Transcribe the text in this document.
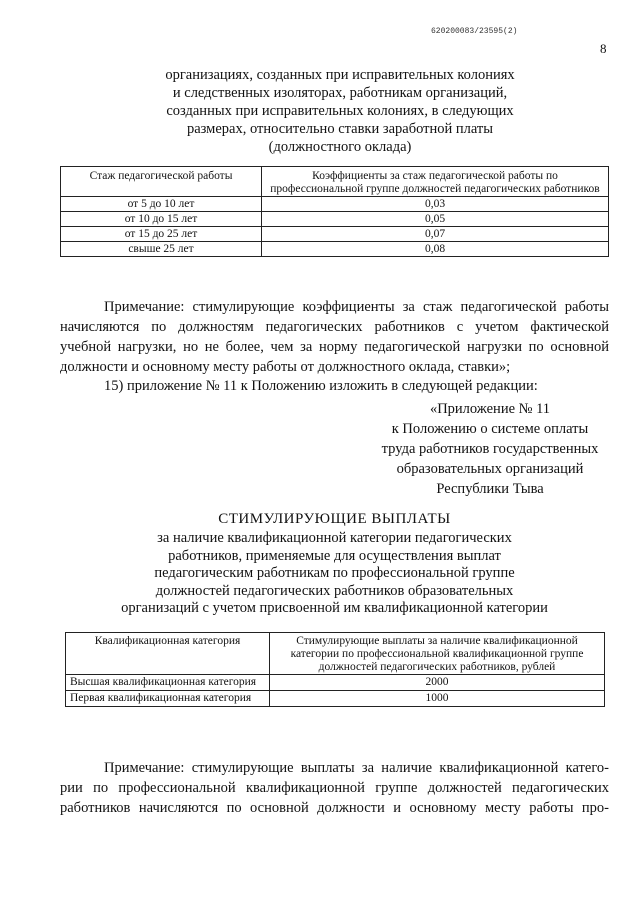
620200083/23595(2)
8
организациях, созданных при исправительных колониях
и следственных изоляторах, работникам организаций,
созданных при исправительных колониях, в следующих
размерах, относительно ставки заработной платы
(должностного оклада)
Стаж педагогической работы	Коэффициенты за стаж педагогической работы по профессиональной группе должностей педагогических работников
от 5 до 10 лет	0,03
от 10 до 15 лет	0,05
от 15 до 25 лет	0,07
свыше 25 лет	0,08
Примечание: стимулирующие коэффициенты за стаж педагогической работы
начисляются по должностям педагогических работников с учетом фактической
учебной нагрузки, но не более, чем за норму педагогической нагрузки по основной
должности и основному месту работы от должностного оклада, ставки»;
15) приложение № 11 к Положению изложить в следующей редакции:
«Приложение № 11
к Положению о системе оплаты
труда работников государственных
образовательных организаций
Республики Тыва
СТИМУЛИРУЮЩИЕ ВЫПЛАТЫ
за наличие квалификационной категории педагогических
работников, применяемые для осуществления выплат
педагогическим работникам по профессиональной группе
должностей педагогических работников образовательных
организаций с учетом присвоенной им квалификационной категории
Квалификационная категория	Стимулирующие выплаты за наличие квалификационной категории по профессиональной квалификационной группе должностей педагогических работников, рублей
Высшая квалификационная категория	2000
Первая квалификационная категория	1000
Примечание: стимулирующие выплаты за наличие квалификационной катего-
рии по профессиональной квалификационной группе должностей педагогических
работников начисляются по основной должности и основному месту работы про-
